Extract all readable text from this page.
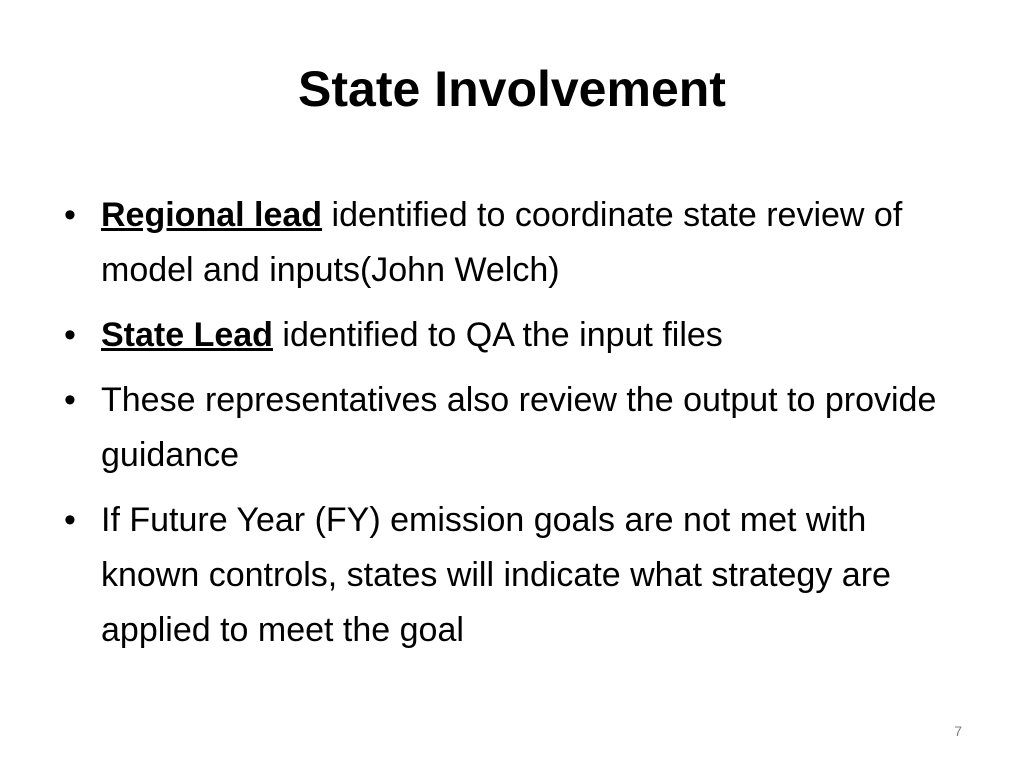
State Involvement
• Regional lead identified to coordinate state review of model and inputs(John Welch)
• State Lead identified to QA the input files
• These representatives also review the output to provide guidance
• If Future Year (FY) emission goals are not met with known controls, states will indicate what strategy are applied to meet the goal
7
